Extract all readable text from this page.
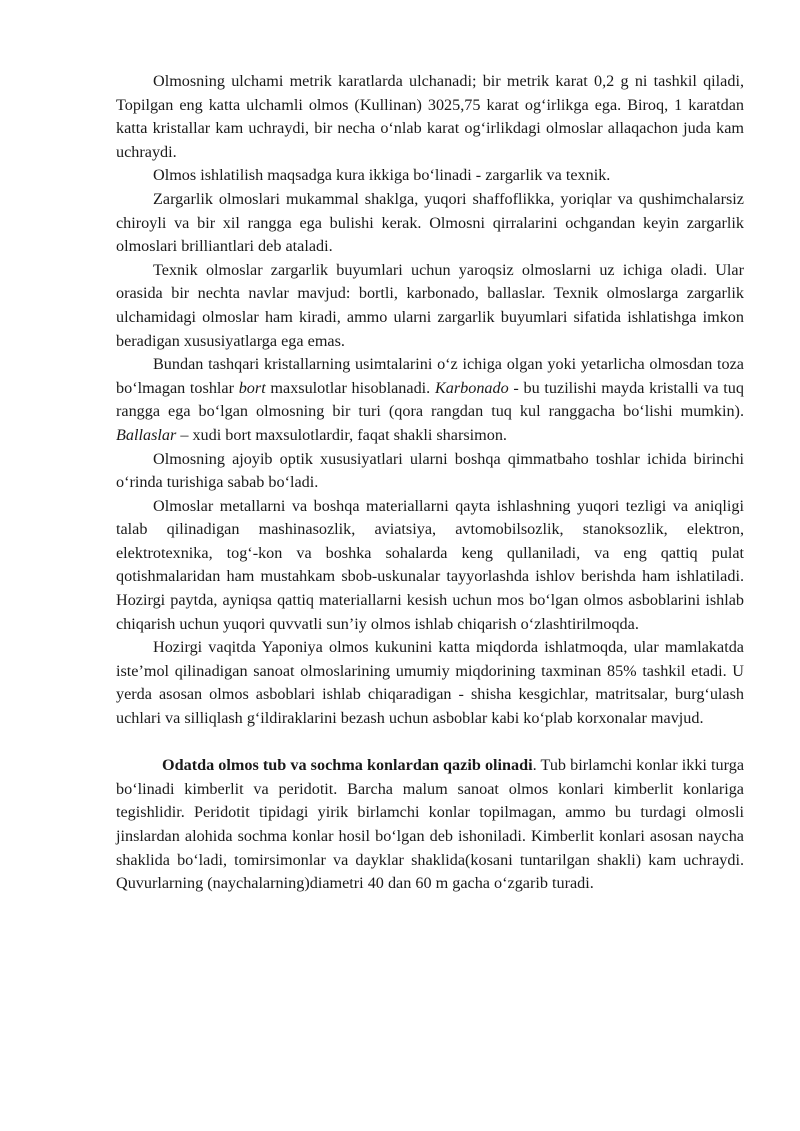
Olmosning ulchami metrik karatlarda ulchanadi; bir metrik karat 0,2 g ni tashkil qiladi, Topilgan eng katta ulchamli olmos (Kullinan) 3025,75 karat og‘irlikga ega. Biroq, 1 karatdan katta kristallar kam uchraydi, bir necha o‘nlab karat og‘irlikdagi olmoslar allaqachon juda kam uchraydi.

Olmos ishlatilish maqsadga kura ikkiga bo‘linadi - zargarlik va texnik.

Zargarlik olmoslari mukammal shaklga, yuqori shaffoflikka, yoriqlar va qushimchalarsiz chiroyli va bir xil rangga ega bulishi kerak. Olmosni qirralarini ochgandan keyin zargarlik olmoslari brilliantlari deb ataladi.

Texnik olmoslar zargarlik buyumlari uchun yaroqsiz olmoslarni uz ichiga oladi. Ular orasida bir nechta navlar mavjud: bortli, karbonado, ballaslar. Texnik olmoslarga zargarlik ulchamidagi olmoslar ham kiradi, ammo ularni zargarlik buyumlari sifatida ishlatishga imkon beradigan xususiyatlarga ega emas.

Bundan tashqari kristallarning usimtalarini o‘z ichiga olgan yoki yetarlicha olmosdan toza bo‘lmagan toshlar bort maxsulotlar hisoblanadi. Karbonado - bu tuzilishi mayda kristalli va tuq rangga ega bo‘lgan olmosning bir turi (qora rangdan tuq kul ranggacha bo‘lishi mumkin). Ballaslar – xudi bort maxsulotlardir, faqat shakli sharsimon.

Olmosning ajoyib optik xususiyatlari ularni boshqa qimmatbaho toshlar ichida birinchi o‘rinda turishiga sabab bo‘ladi.

Olmoslar metallarni va boshqa materiallarni qayta ishlashning yuqori tezligi va aniqligi talab qilinadigan mashinasozlik, aviatsiya, avtomobilsozlik, stanoksozlik, elektron, elektrotexnika, tog‘-kon va boshka sohalarda keng qullaniladi, va eng qattiq pulat qotishmalaridan ham mustahkam sbob-uskunalar tayyorlashda ishlov berishda ham ishlatiladi. Hozirgi paytda, ayniqsa qattiq materiallarni kesish uchun mos bo‘lgan olmos asboblarini ishlab chiqarish uchun yuqori quvvatli sun’iy olmos ishlab chiqarish o‘zlashtirilmoqda.

Hozirgi vaqitda Yaponiya olmos kukunini katta miqdorda ishlatmoqda, ular mamlakatda iste’mol qilinadigan sanoat olmoslarining umumiy miqdorining taxminan 85% tashkil etadi. U yerda asosan olmos asboblari ishlab chiqaradigan - shisha kesgichlar, matritsalar, burg‘ulash uchlari va silliqlash g‘ildiraklarini bezash uchun asboblar kabi ko‘plab korxonalar mavjud.

Odatda olmos tub va sochma konlardan qazib olinadi. Tub birlamchi konlar ikki turga bo‘linadi kimberlit va peridotit. Barcha malum sanoat olmos konlari kimberlit konlariga tegishlidir. Peridotit tipidagi yirik birlamchi konlar topilmagan, ammo bu turdagi olmosli jinslardan alohida sochma konlar hosil bo‘lgan deb ishoniladi. Kimberlit konlari asosan naycha shaklida bo‘ladi, tomirsimonlar va dayklar shaklida(kosani tuntarilgan shakli) kam uchraydi. Quvurlarning (naychalarning)diametri 40 dan 60 m gacha o‘zgarib turadi.
